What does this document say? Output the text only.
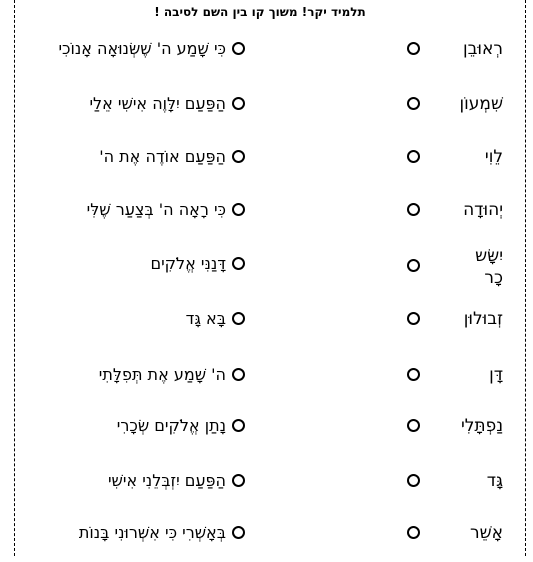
תלמיד יקר! משוך קו בין השם לסיבה !
רְאוּבֵן
כִּי שָׁמַע ה' שֶׁשְּׂנוּאָה אָנוֹכִי
שִׁמְעוֹן
הַפַּעַם יִלָּוֶה אִישִׁי אֵלַי
לֵוִי
הַפַּעַם אוֹדֶה אֶת ה'
יְהוּדָה
כִּי רָאָה ה' בְּצַעַר שֶׁלִּי
יִשָּׂשכָר
דָּנַנִּי אֱלֹקִים
זְבוּלוּן
בָּא גָּד
דָּן
ה' שָׁמַע אֶת תְּפִלָּתִי
נַפְתָּלִי
נָתַן אֱלֹקִים שְׂכָרִי
גָּד
הַפַּעַם יִזְבְּלֵנִי אִישִׁי
אָשֵׁר
בְּאָשְׁרִי כִּי אִשְּׁרוּנִי בָּנוֹת
